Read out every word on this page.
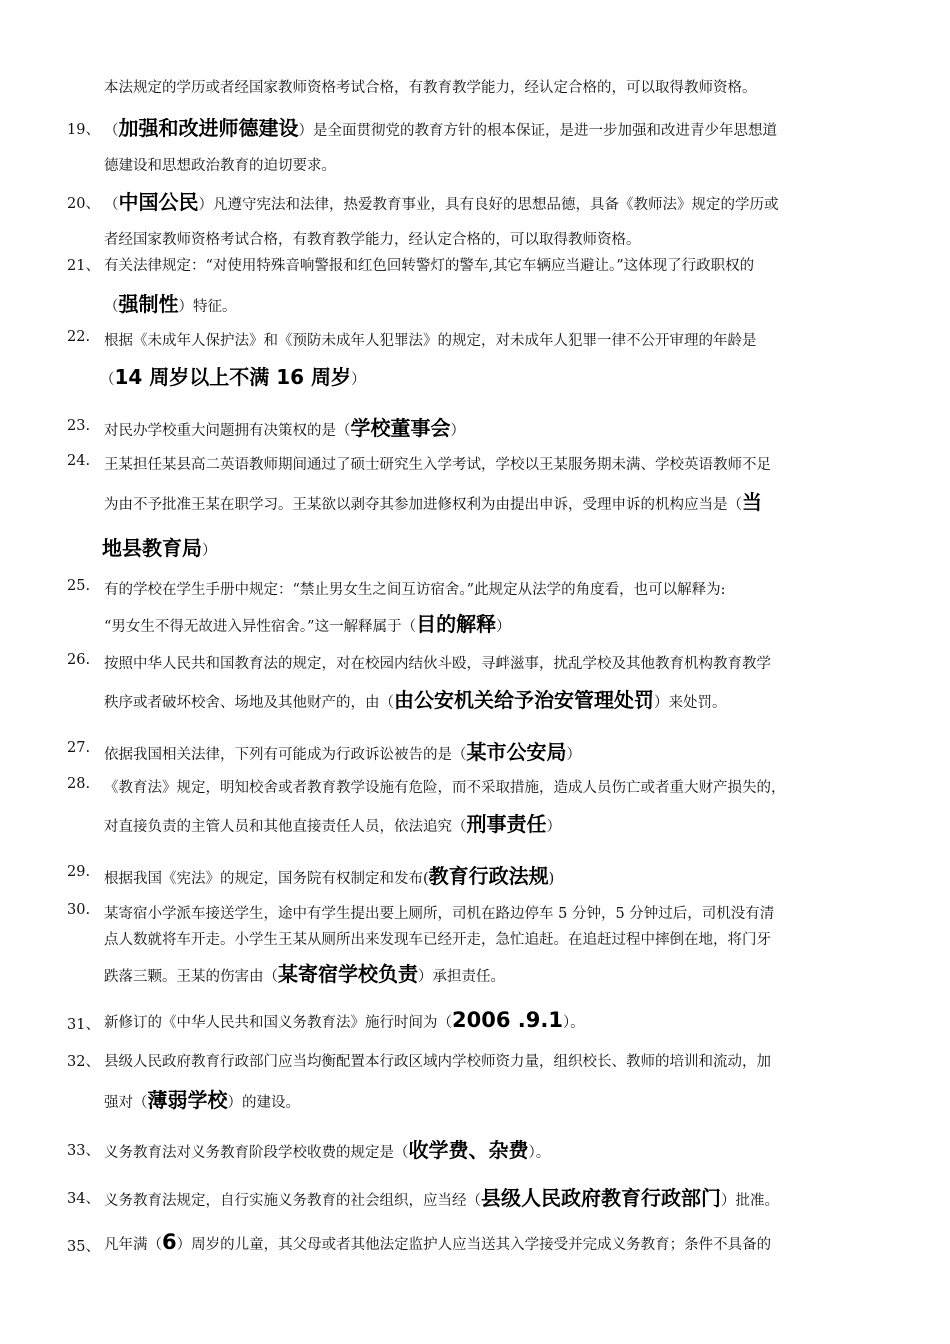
本法规定的学历或者经国家教师资格考试合格，有教育教学能力，经认定合格的，可以取得教师资格。
19、 （加强和改进师德建设）是全面贯彻党的教育方针的根本保证，是进一步加强和改进青少年思想道
德建设和思想政治教育的迫切要求。
20、 （中国公民）凡遵守宪法和法律，热爱教育事业，具有良好的思想品德，具备《教师法》规定的学历或
者经国家教师资格考试合格，有教育教学能力，经认定合格的，可以取得教师资格。
21、 有关法律规定：“对使用特殊音响警报和红色回转警灯的警车,其它车辆应当避让。”这体现了行政职权的
（强制性）特征。
22. 根据《未成年人保护法》和《预防未成年人犯罪法》的规定，对未成年人犯罪一律不公开审理的年龄是
（14 周岁以上不满 16 周岁）
23. 对民办学校重大问题拥有决策权的是（学校董事会）
24. 王某担任某县高二英语教师期间通过了硕士研究生入学考试，学校以王某服务期未满、学校英语教师不足
为由不予批准王某在职学习。王某欲以剥夺其参加进修权利为由提出申诉，受理申诉的机构应当是（当
地县教育局）
25. 有的学校在学生手册中规定：“禁止男女生之间互访宿舍。”此规定从法学的角度看，也可以解释为:
“男女生不得无故进入异性宿舍。”这一解释属于（目的解释）
26. 按照中华人民共和国教育法的规定，对在校园内结伙斗殴，寻衅滋事，扰乱学校及其他教育机构教育教学
秩序或者破坏校舍、场地及其他财产的，由（由公安机关给予治安管理处罚）来处罚。
27. 依据我国相关法律，下列有可能成为行政诉讼被告的是（某市公安局）
28. 《教育法》规定，明知校舍或者教育教学设施有危险，而不采取措施，造成人员伤亡或者重大财产损失的，
对直接负责的主管人员和其他直接责任人员，依法追究（刑事责任）
29. 根据我国《宪法》的规定，国务院有权制定和发布(教育行政法规)
30. 某寄宿小学派车接送学生，途中有学生提出要上厕所，司机在路边停车 5 分钟，5 分钟过后，司机没有清
点人数就将车开走。小学生王某从厕所出来发现车已经开走，急忙追赶。在追赶过程中摔倒在地，将门牙
跌落三颗。王某的伤害由（某寄宿学校负责）承担责任。
31、 新修订的《中华人民共和国义务教育法》施行时间为（2006 .9.1）。
32、 县级人民政府教育行政部门应当均衡配置本行政区域内学校师资力量，组织校长、教师的培训和流动，加
强对（薄弱学校）的建设。
33、 义务教育法对义务教育阶段学校收费的规定是（收学费、杂费）。
34、 义务教育法规定，自行实施义务教育的社会组织，应当经（县级人民政府教育行政部门）批准。
35、 凡年满（6）周岁的儿童，其父母或者其他法定监护人应当送其入学接受并完成义务教育；条件不具备的
